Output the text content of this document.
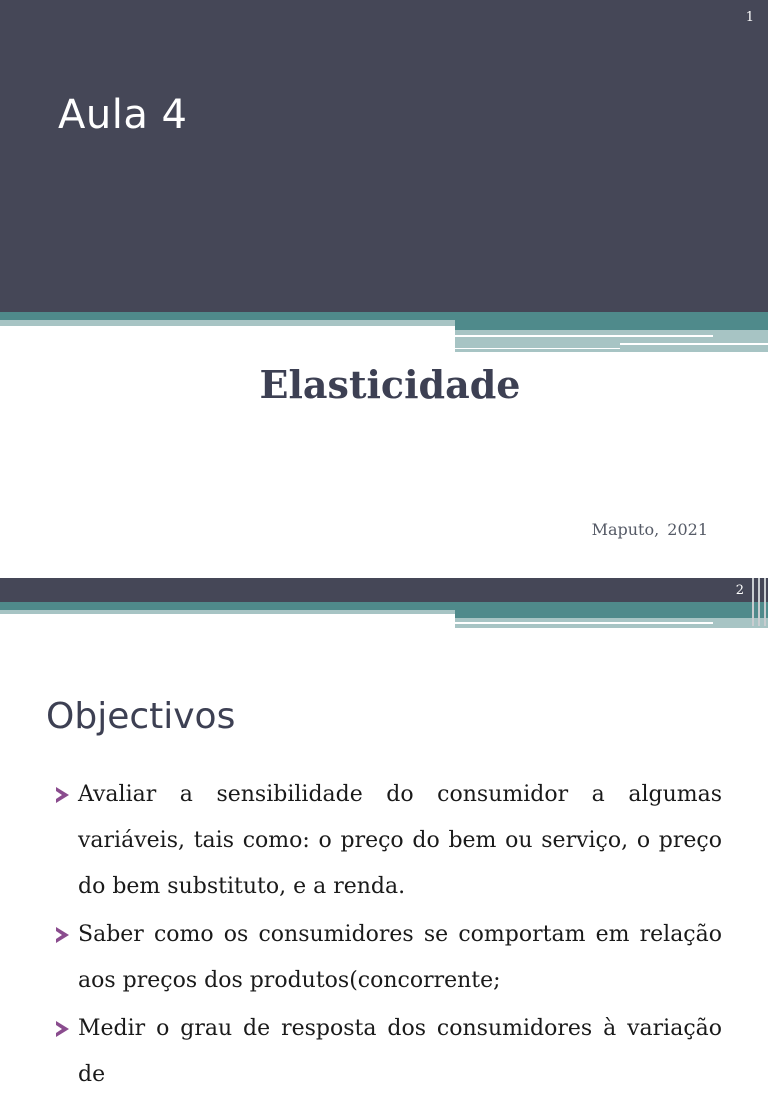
1
Aula 4
Elasticidade
Maputo, 2021
2
Objectivos
Avaliar a sensibilidade do consumidor a algumas variáveis, tais como: o preço do bem ou serviço, o preço do bem substituto, e a renda.
Saber como os consumidores se comportam em relação aos preços dos produtos(concorrente;
Medir o grau de resposta dos consumidores à variação de
